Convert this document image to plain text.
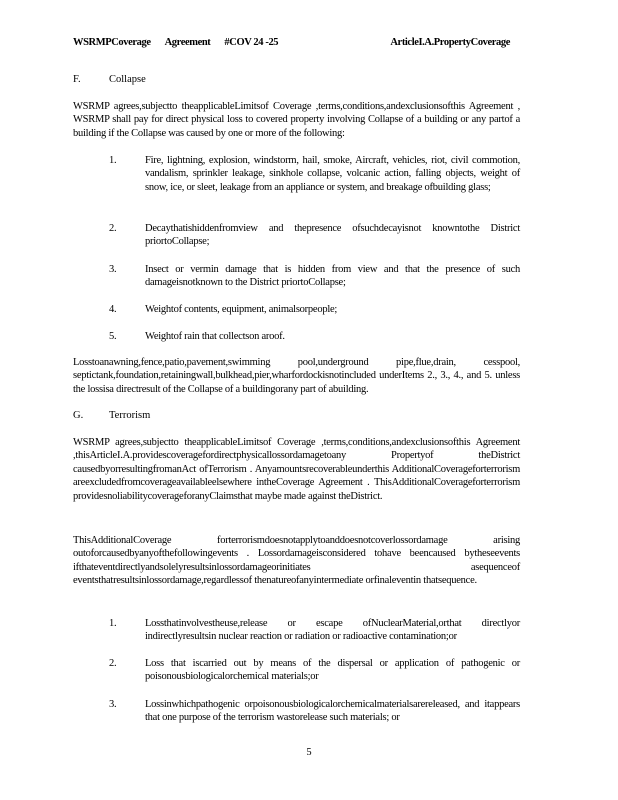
WSRMPCoverage Agreement #COV 24 -25	ArticleI.A.PropertyCoverage
F.	Collapse

WSRMP agrees,subjectto theapplicableLimitsof Coverage ,terms,conditions,andexclusionsofthis Agreement , WSRMP shall pay for direct physical loss to covered property involving Collapse of a building or any partof a building if the Collapse was caused by one or more of the following:

1.	Fire, lightning, explosion, windstorm, hail, smoke, Aircraft, vehicles, riot, civil commotion, vandalism, sprinkler leakage, sinkhole collapse, volcanic action, falling objects, weight of snow, ice, or sleet, leakage from an appliance or system, and breakage ofbuilding glass;
2.	Decaythatishiddenfromview and thepresence ofsuchdecayisnot knowntothe District priortoCollapse;
3.	Insect or vermin damage that is hidden from view and that the presence of such damageisnotknown to the District priortoCollapse;
4.	Weightof contents, equipment, animalsorpeople;
5.	Weightof rain that collectson aroof.

Losstoanawning,fence,patio,pavement,swimming pool,underground pipe,flue,drain, cesspool, septictank,foundation,retainingwall,bulkhead,pier,wharfordockisnotincluded underItems 2., 3., 4., and 5. unless the lossisa directresult of the Collapse of a buildingorany part of abuilding.

G. Terrorism

WSRMP agrees,subjectto theapplicableLimitsof Coverage ,terms,conditions,andexclusionsofthis Agreement ,thisArticleI.A.providescoveragefordirectphysicallossordamagetoany Propertyof theDistrict causedbyorresultingfromanAct ofTerrorism . Anyamountsrecoverableunderthis AdditionalCoverageforterrorism areexcludedfromcoverageavailableelsewhere intheCoverage Agreement . ThisAdditionalCoverageforterrorism providesnoliabilitycoverageforanyClaimsthat maybe made against theDistrict.

ThisAdditionalCoverage forterrorismdoesnotapplytoanddoesnotcoverlossordamage arising outoforcausedbyanyofthefollowingevents . Lossordamageisconsidered tohave beencaused bytheseevents ifthateventdirectlyandsolelyresultsinlossordamageorinitiates asequenceof eventsthatresultsinlossordamage,regardlessof thenatureofanyintermediate orfinaleventin thatsequence.

1.	Lossthatinvolvestheuse,release or escape ofNuclearMaterial,orthat directlyor indirectlyresultsin nuclear reaction or radiation or radioactive contamination;or
2.	Loss that iscarried out by means of the dispersal or application of pathogenic or poisonousbiologicalorchemical materials;or
3.	Lossinwhichpathogenic orpoisonousbiologicalorchemicalmaterialsarereleased, and itappears that one purpose of the terrorism wastorelease such materials; or
5
